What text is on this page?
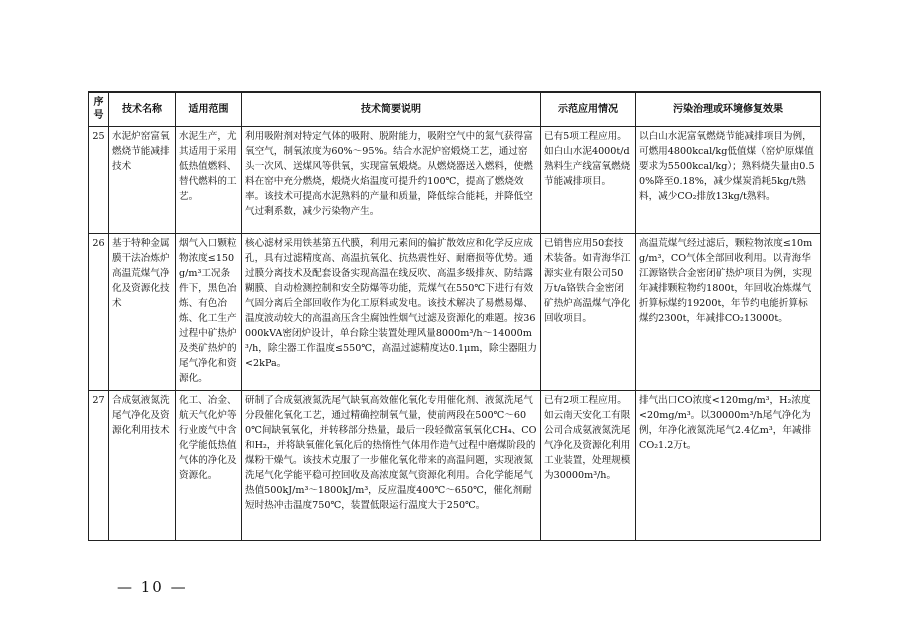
序号	技术名称	适用范围	技术简要说明	示范应用情况	污染治理或环境修复效果
25	水泥炉窑富氧燃烧节能减排技术	水泥生产，尤其适用于采用低热值燃料、替代燃料的工艺。	利用吸附剂对特定气体的吸附、脱附能力，吸附空气中的氮气获得富氧空气，制氧浓度为60%～95%。结合水泥炉窑煅烧工艺，通过窑头一次风、送煤风等供氧，实现富氧煅烧。从燃烧器送入燃料，使燃料在窑中充分燃烧，煅烧火焰温度可提升约100℃，提高了燃烧效率。该技术可提高水泥熟料的产量和质量，降低综合能耗，并降低空气过剩系数，减少污染物产生。	已有5项工程应用。如白山水泥4000t/d熟料生产线富氧燃烧节能减排项目。	以白山水泥富氧燃烧节能减排项目为例，可燃用4800kcal/kg低值煤（窑炉原煤值要求为5500kcal/kg）；熟料烧失量由0.50%降至0.18%，减少煤炭消耗5kg/t熟料，减少CO₂排放13kg/t熟料。
26	基于特种金属膜干法冶炼炉高温荒煤气净化及资源化技术	烟气入口颗粒物浓度≤150g/m³工况条件下，黑色冶炼、有色冶炼、化工生产过程中矿热炉及类矿热炉的尾气净化和资源化。	核心滤材采用铁基第五代膜，利用元素间的偏扩散效应和化学反应成孔，具有过滤精度高、高温抗氧化、抗热震性好、耐磨损等优势。通过膜分离技术及配套设备实现高温在线反吹、高温多级排灰、防结露糊膜、自动检测控制和安全防爆等功能，荒煤气在550℃下进行有效气固分离后全部回收作为化工原料或发电。该技术解决了易燃易爆、温度波动较大的高温高压含尘腐蚀性烟气过滤及资源化的难题。按36000kVA密闭炉设计，单台除尘装置处理风量8000m³/h～14000m³/h，除尘器工作温度≤550℃，高温过滤精度达0.1μm，除尘器阻力<2kPa。	已销售应用50套技术装备。如青海华江源实业有限公司50万t/a铬铁合金密闭矿热炉高温煤气净化回收项目。	高温荒煤气经过滤后，颗粒物浓度≤10mg/m³，CO气体全部回收利用。以青海华江源铬铁合金密闭矿热炉项目为例，实现年减排颗粒物约1800t，年回收冶炼煤气折算标煤约19200t，年节约电能折算标煤约2300t，年减排CO₂13000t。
27	合成氨液氮洗尾气净化及资源化利用技术	化工、冶金、航天气化炉等行业废气中含化学能低热值气体的净化及资源化。	研制了合成氨液氮洗尾气缺氧高效催化氧化专用催化剂、液氮洗尾气分段催化氧化工艺，通过精确控制氧气量，使前两段在500℃～600℃间缺氧氧化，并转移部分热量，最后一段轻微富氧氧化CH₄、CO和H₂，并将缺氧催化氧化后的热惰性气体用作造气过程中磨煤阶段的煤粉干燥气。该技术克服了一步催化氧化带来的高温问题，实现液氮洗尾气化学能平稳可控回收及高浓度氮气资源化利用。合化学能尾气热值500kJ/m³～1800kJ/m³，反应温度400℃～650℃，催化剂耐短时热冲击温度750℃，装置低限运行温度大于250℃。	已有2项工程应用。如云南天安化工有限公司合成氨液氮洗尾气净化及资源化利用工业装置，处理规模为30000m³/h。	排气出口CO浓度<120mg/m³，H₂浓度<20mg/m³。以30000m³/h尾气净化为例，年净化液氮洗尾气2.4亿m³，年减排CO₂1.2万t。
— 10 —
